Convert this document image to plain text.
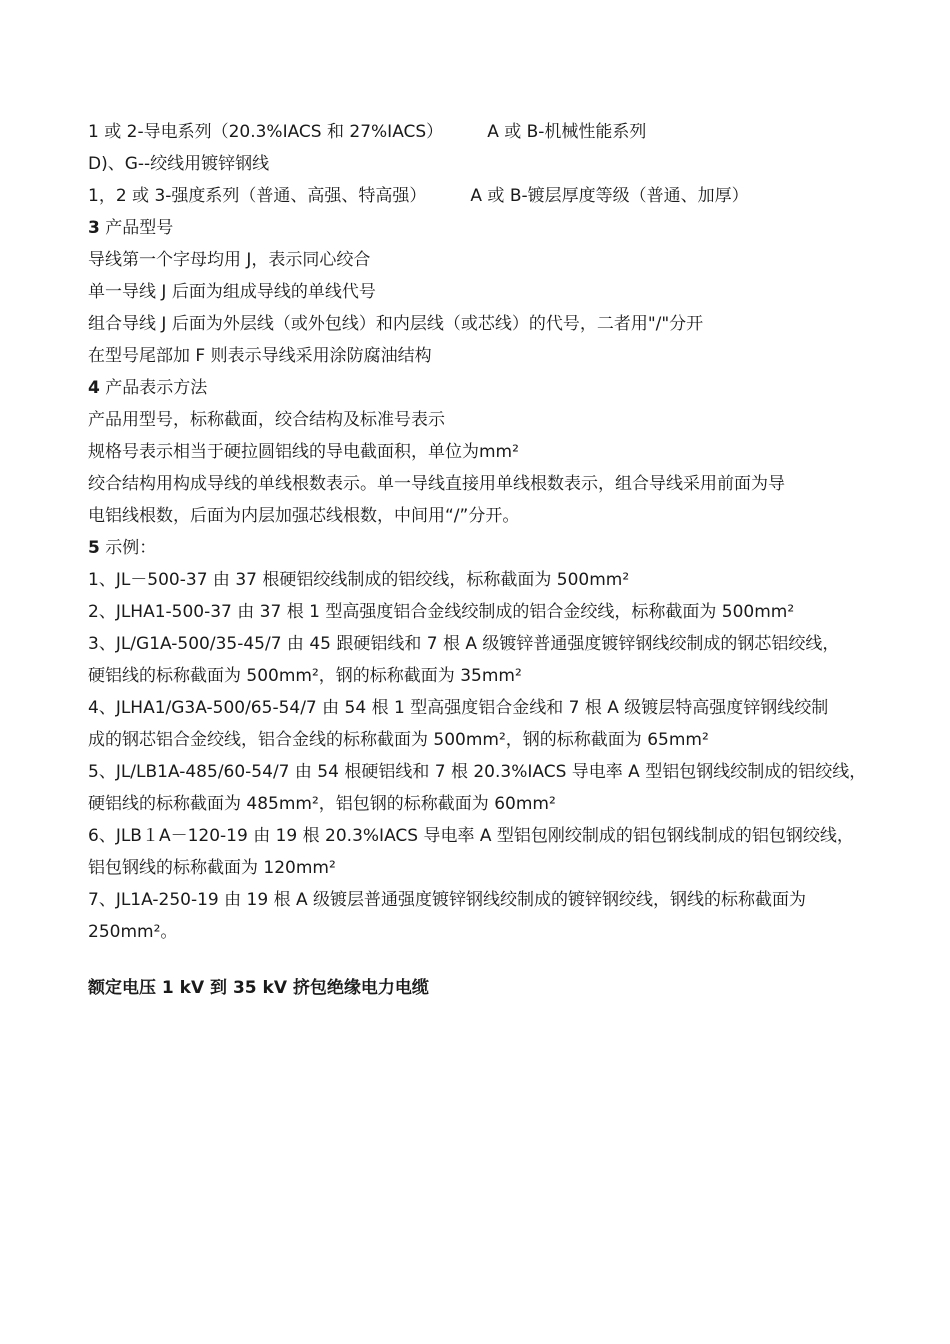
1 或 2-导电系列（20.3%IACS 和 27%IACS）	A 或 B-机械性能系列
D)、G--绞线用镀锌钢线
1，2 或 3-强度系列（普通、高强、特高强）	A 或 B-镀层厚度等级（普通、加厚）
3 产品型号
导线第一个字母均用 J，表示同心绞合
单一导线 J 后面为组成导线的单线代号
组合导线 J 后面为外层线（或外包线）和内层线（或芯线）的代号，二者用"/"分开
在型号尾部加 F 则表示导线采用涂防腐油结构
4 产品表示方法
产品用型号，标称截面，绞合结构及标准号表示
规格号表示相当于硬拉圆铝线的导电截面积，单位为mm²
绞合结构用构成导线的单线根数表示。单一导线直接用单线根数表示，组合导线采用前面为导
电铝线根数，后面为内层加强芯线根数，中间用“/”分开。
5 示例：
1、JL－500-37 由 37 根硬铝绞线制成的铝绞线，标称截面为 500mm²
2、JLHA1-500-37 由 37 根 1 型高强度铝合金线绞制成的铝合金绞线，标称截面为 500mm²
3、JL/G1A-500/35-45/7 由 45 跟硬铝线和 7 根 A 级镀锌普通强度镀锌钢线绞制成的钢芯铝绞线，
硬铝线的标称截面为 500mm²，钢的标称截面为 35mm²
4、JLHA1/G3A-500/65-54/7 由 54 根 1 型高强度铝合金线和 7 根 A 级镀层特高强度锌钢线绞制
成的钢芯铝合金绞线，铝合金线的标称截面为 500mm²，钢的标称截面为 65mm²
5、JL/LB1A-485/60-54/7 由 54 根硬铝线和 7 根 20.3%IACS 导电率 A 型铝包钢线绞制成的铝绞线，
硬铝线的标称截面为 485mm²，铝包钢的标称截面为 60mm²
6、JLB１A－120-19 由 19 根 20.3%IACS 导电率 A 型铝包刚绞制成的铝包钢线制成的铝包钢绞线，
铝包钢线的标称截面为 120mm²
7、JL1A-250-19 由 19 根 A 级镀层普通强度镀锌钢线绞制成的镀锌钢绞线，钢线的标称截面为
250mm²。
额定电压 1 kV 到 35 kV 挤包绝缘电力电缆
